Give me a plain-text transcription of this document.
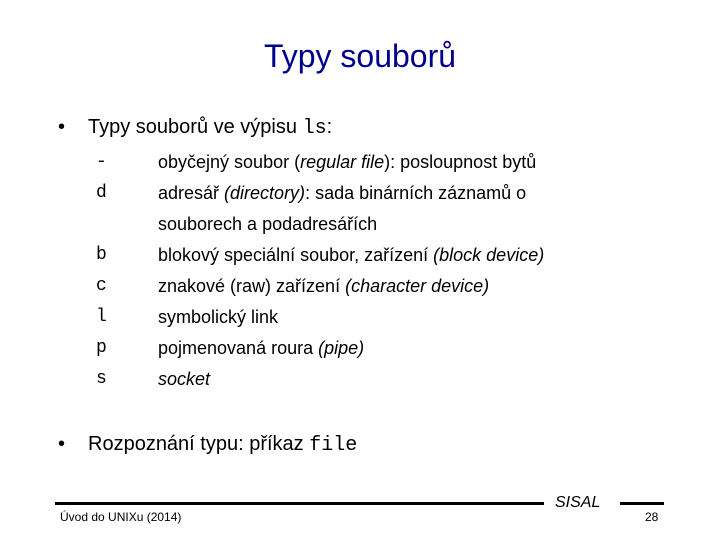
Typy souborů
• Typy souborů ve výpisu ls:
-	obyčejný soubor (regular file): posloupnost bytů
d	adresář (directory): sada binárních záznamů o
souborech a podadresářích
b	blokový speciální soubor, zařízení (block device)
c	znakové (raw) zařízení (character device)
l	symbolický link
p	pojmenovaná roura (pipe)
s	socket
• Rozpoznání typu: příkaz file
Úvod do UNIXu (2014)
SISAL
28
